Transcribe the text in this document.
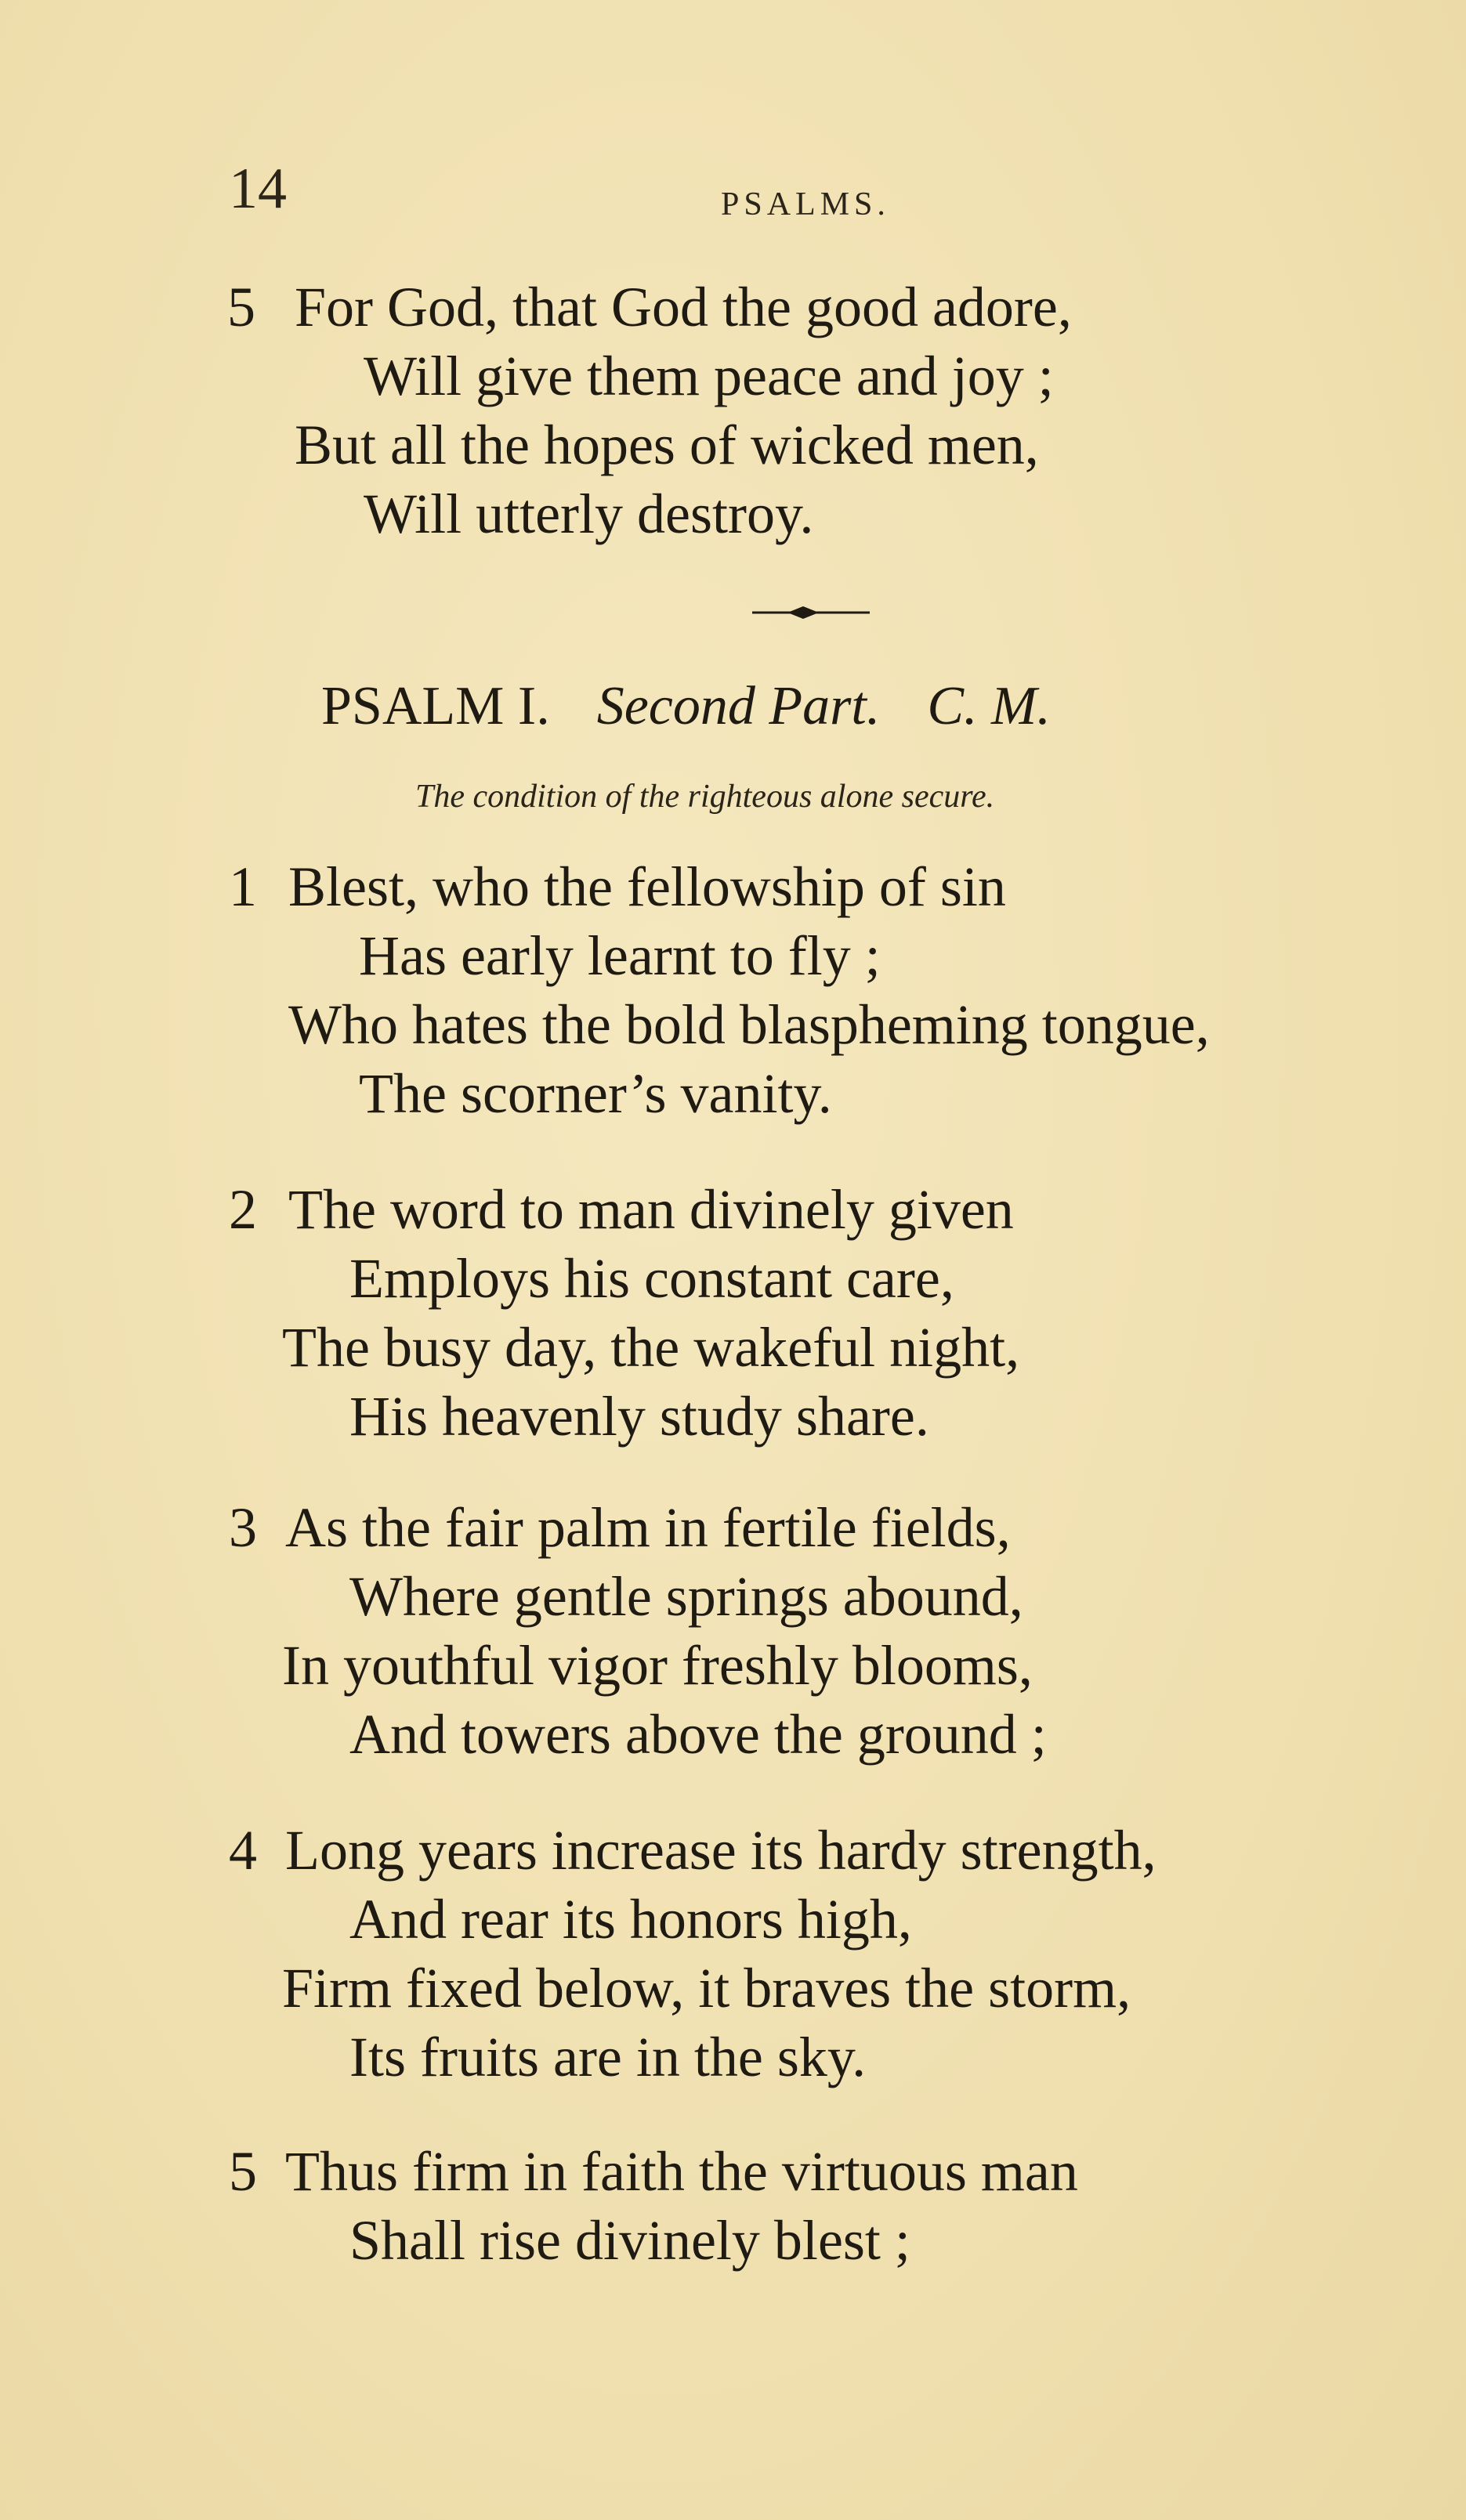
14	PSALMS.
5 For God, that God the good adore,
Will give them peace and joy ;
But all the hopes of wicked men,
Will utterly destroy.
PSALM I. Second Part. C. M.
The condition of the righteous alone secure.
1 Blest, who the fellowship of sin
Has early learnt to fly ;
Who hates the bold blaspheming tongue,
The scorner’s vanity.
2 The word to man divinely given
Employs his constant care,
The busy day, the wakeful night,
His heavenly study share.
3 As the fair palm in fertile fields,
Where gentle springs abound,
In youthful vigor freshly blooms,
And towers above the ground ;
4 Long years increase its hardy strength,
And rear its honors high,
Firm fixed below, it braves the storm,
Its fruits are in the sky.
5 Thus firm in faith the virtuous man
Shall rise divinely blest ;
